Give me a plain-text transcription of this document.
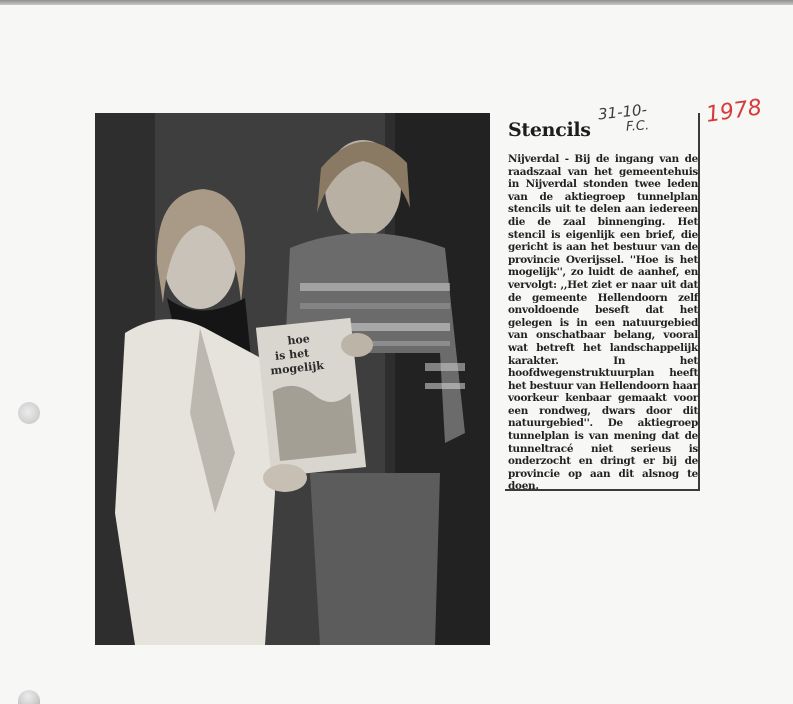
hoe
is het
mogelijk
31-10-
F.C. 1978
Stencils

Nijverdal - Bij de ingang van de raadszaal van het gemeentehuis in Nijverdal stonden twee leden van de aktiegroep tunnelplan stencils uit te delen aan iedereen die de zaal binnenging. Het stencil is eigenlijk een brief, die gericht is aan het bestuur van de provincie Overijssel. ''Hoe is het mogelijk'', zo luidt de aanhef, en vervolgt: ,,Het ziet er naar uit dat de gemeente Hellendoorn zelf onvoldoende beseft dat het gelegen is in een natuurgebied van onschatbaar belang, vooral wat betreft het landschappelijk karakter. In het hoofdwegenstruktuurplan heeft het bestuur van Hellendoorn haar voorkeur kenbaar gemaakt voor een rondweg, dwars door dit natuurgebied''. De aktiegroep tunnelplan is van mening dat de tunneltracé niet serieus is onderzocht en dringt er bij de provincie op aan dit alsnog te doen.
